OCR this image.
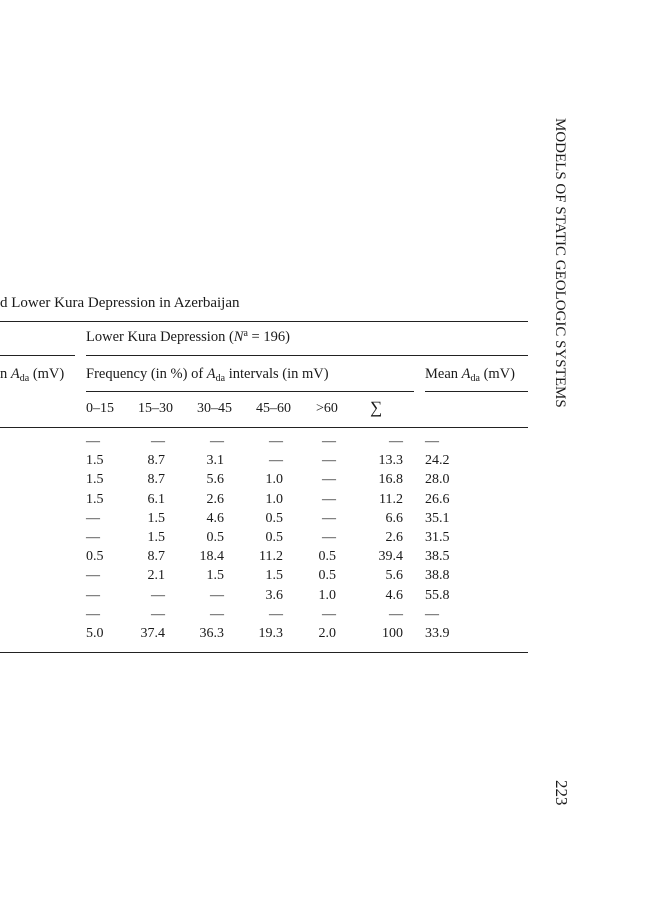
d Lower Kura Depression in Azerbaijan
Lower Kura Depression $(N^a = 196)$
n $A_{da}$ (mV) Frequency (in %) of $A_{da}$ intervals (in mV)	Mean $A_{da}$ (mV)
0–15 15–30 30–45 45–60 >60 ∑
—	—	—	—	—	— —
1.5	8.7	3.1	—	—	13.3 24.2
1.5	8.7	5.6	1.0	—	16.8 28.0
1.5	6.1	2.6	1.0	—	11.2 26.6
—	1.5	4.6	0.5	—	6.6 35.1
—	1.5	0.5	0.5	—	2.6 31.5
0.5	8.7	18.4	11.2	0.5	39.4 38.5
—	2.1	1.5	1.5	0.5	5.6 38.8
—	—	—	3.6	1.0	4.6 55.8
—	—	—	—	—	— —
5.0	37.4	36.3	19.3	2.0	100 33.9
MODELS OF STATIC GEOLOGIC SYSTEMS
223
